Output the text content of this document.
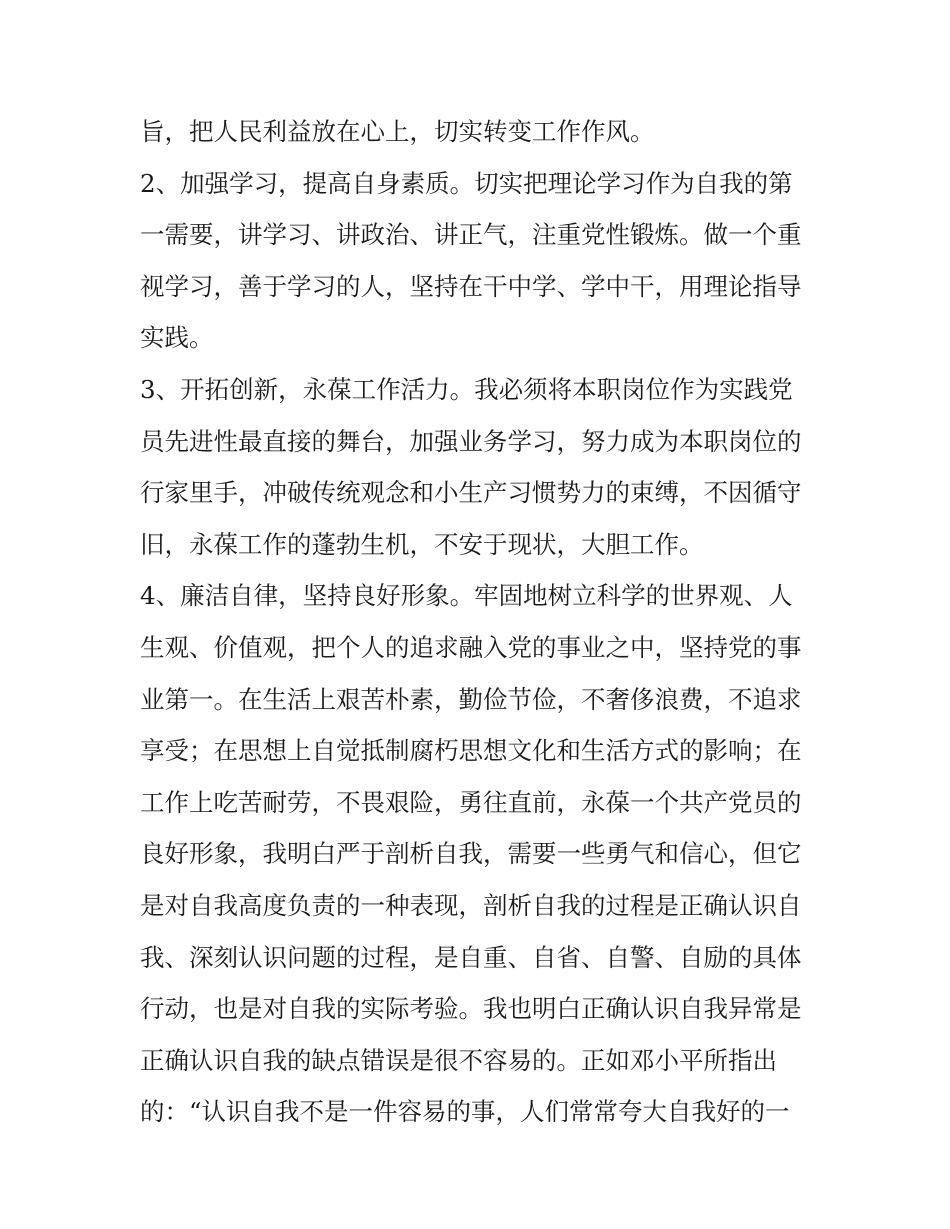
旨，把人民利益放在心上，切实转变工作作风。
2、加强学习，提高自身素质。切实把理论学习作为自我的第
一需要，讲学习、讲政治、讲正气，注重党性锻炼。做一个重
视学习，善于学习的人，坚持在干中学、学中干，用理论指导
实践。
3、开拓创新，永葆工作活力。我必须将本职岗位作为实践党
员先进性最直接的舞台，加强业务学习，努力成为本职岗位的
行家里手，冲破传统观念和小生产习惯势力的束缚，不因循守
旧，永葆工作的蓬勃生机，不安于现状，大胆工作。
4、廉洁自律，坚持良好形象。牢固地树立科学的世界观、人
生观、价值观，把个人的追求融入党的事业之中，坚持党的事
业第一。在生活上艰苦朴素，勤俭节俭，不奢侈浪费，不追求
享受；在思想上自觉抵制腐朽思想文化和生活方式的影响；在
工作上吃苦耐劳，不畏艰险，勇往直前，永葆一个共产党员的
良好形象，我明白严于剖析自我，需要一些勇气和信心，但它
是对自我高度负责的一种表现，剖析自我的过程是正确认识自
我、深刻认识问题的过程，是自重、自省、自警、自励的具体
行动，也是对自我的实际考验。我也明白正确认识自我异常是
正确认识自我的缺点错误是很不容易的。正如邓小平所指出
的：“认识自我不是一件容易的事，人们常常夸大自我好的一
